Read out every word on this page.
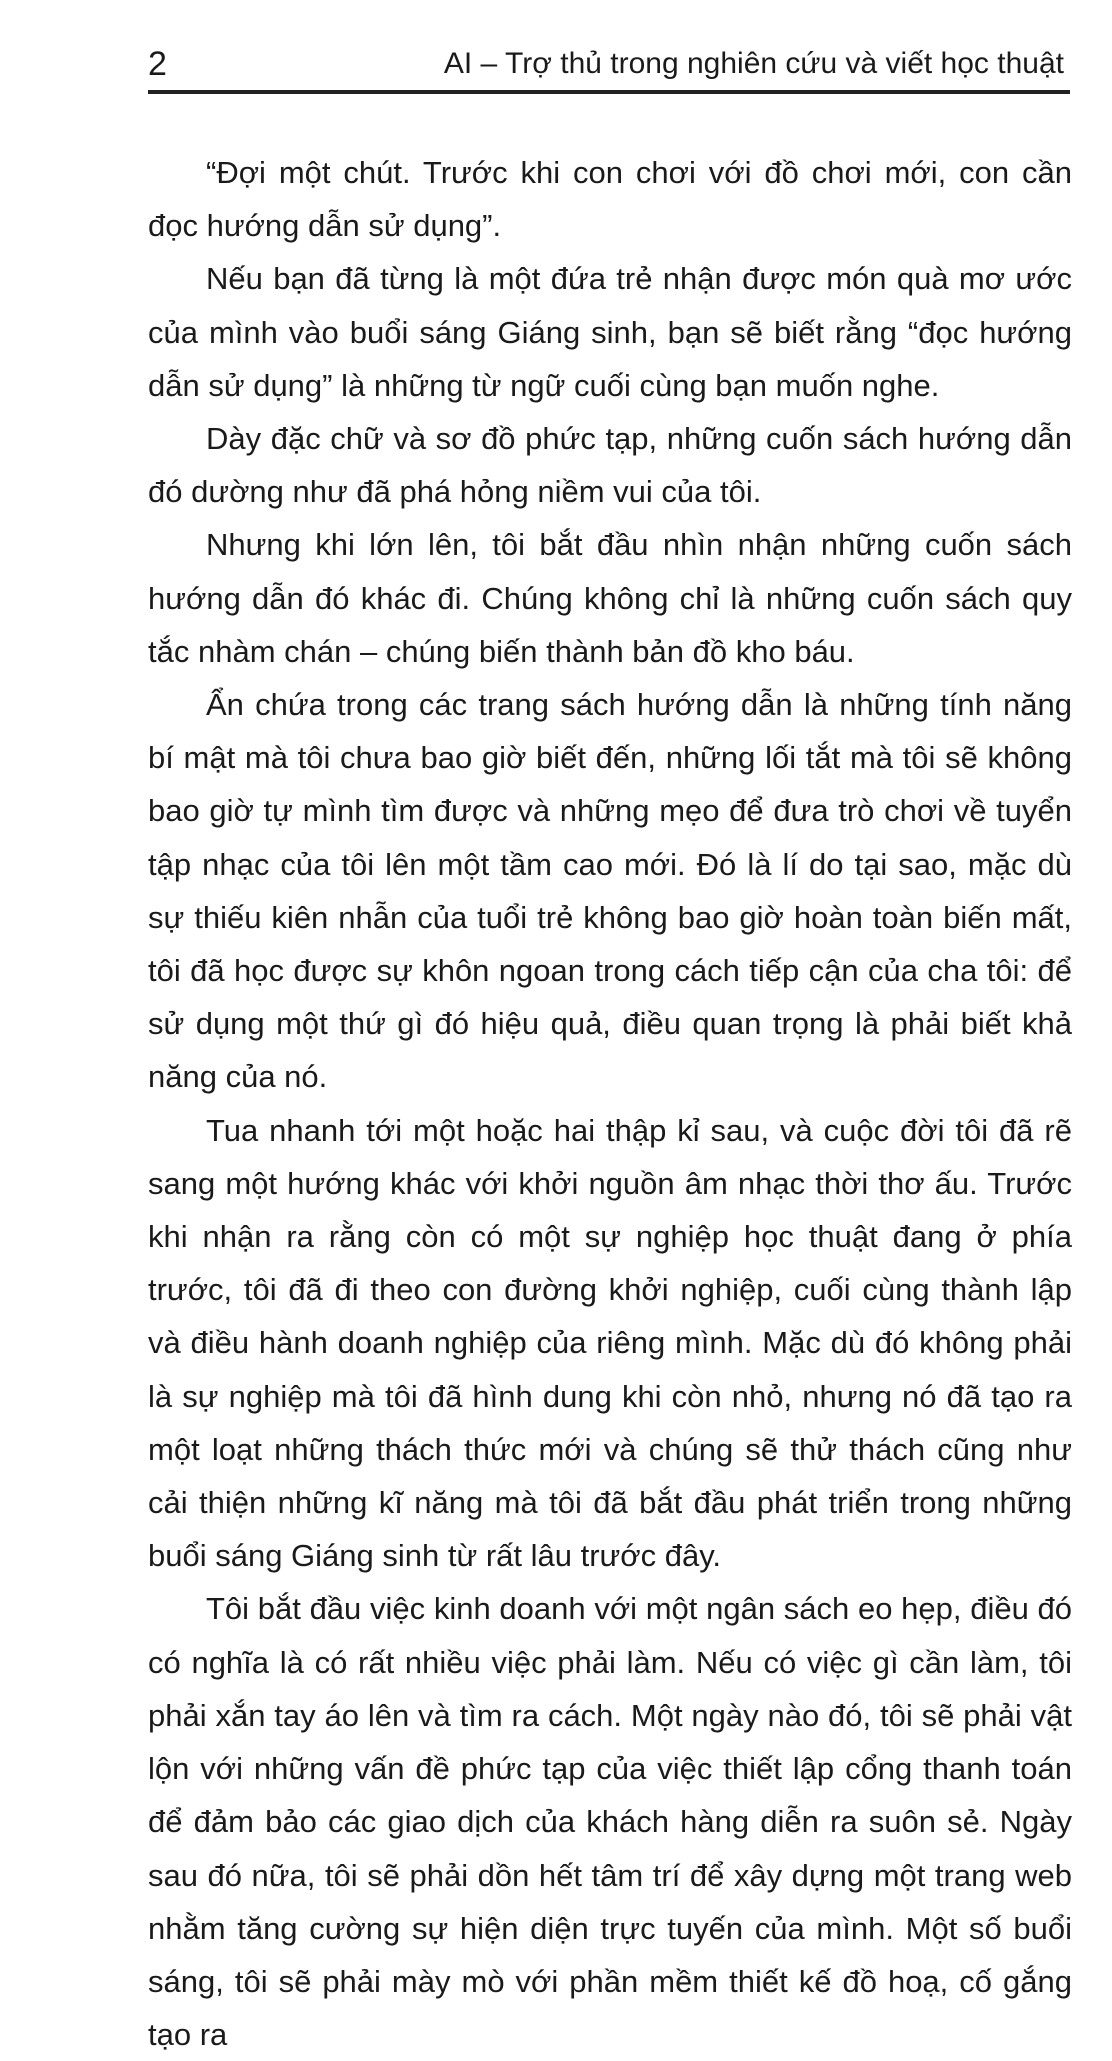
2	AI – Trợ thủ trong nghiên cứu và viết học thuật

“Đợi một chút. Trước khi con chơi với đồ chơi mới, con cần đọc hướng dẫn sử dụng”.

Nếu bạn đã từng là một đứa trẻ nhận được món quà mơ ước của mình vào buổi sáng Giáng sinh, bạn sẽ biết rằng “đọc hướng dẫn sử dụng” là những từ ngữ cuối cùng bạn muốn nghe.

Dày đặc chữ và sơ đồ phức tạp, những cuốn sách hướng dẫn đó dường như đã phá hỏng niềm vui của tôi.

Nhưng khi lớn lên, tôi bắt đầu nhìn nhận những cuốn sách hướng dẫn đó khác đi. Chúng không chỉ là những cuốn sách quy tắc nhàm chán – chúng biến thành bản đồ kho báu.

Ẩn chứa trong các trang sách hướng dẫn là những tính năng bí mật mà tôi chưa bao giờ biết đến, những lối tắt mà tôi sẽ không bao giờ tự mình tìm được và những mẹo để đưa trò chơi về tuyển tập nhạc của tôi lên một tầm cao mới. Đó là lí do tại sao, mặc dù sự thiếu kiên nhẫn của tuổi trẻ không bao giờ hoàn toàn biến mất, tôi đã học được sự khôn ngoan trong cách tiếp cận của cha tôi: để sử dụng một thứ gì đó hiệu quả, điều quan trọng là phải biết khả năng của nó.

Tua nhanh tới một hoặc hai thập kỉ sau, và cuộc đời tôi đã rẽ sang một hướng khác với khởi nguồn âm nhạc thời thơ ấu. Trước khi nhận ra rằng còn có một sự nghiệp học thuật đang ở phía trước, tôi đã đi theo con đường khởi nghiệp, cuối cùng thành lập và điều hành doanh nghiệp của riêng mình. Mặc dù đó không phải là sự nghiệp mà tôi đã hình dung khi còn nhỏ, nhưng nó đã tạo ra một loạt những thách thức mới và chúng sẽ thử thách cũng như cải thiện những kĩ năng mà tôi đã bắt đầu phát triển trong những buổi sáng Giáng sinh từ rất lâu trước đây.

Tôi bắt đầu việc kinh doanh với một ngân sách eo hẹp, điều đó có nghĩa là có rất nhiều việc phải làm. Nếu có việc gì cần làm, tôi phải xắn tay áo lên và tìm ra cách. Một ngày nào đó, tôi sẽ phải vật lộn với những vấn đề phức tạp của việc thiết lập cổng thanh toán để đảm bảo các giao dịch của khách hàng diễn ra suôn sẻ. Ngày sau đó nữa, tôi sẽ phải dồn hết tâm trí để xây dựng một trang web nhằm tăng cường sự hiện diện trực tuyến của mình. Một số buổi sáng, tôi sẽ phải mày mò với phần mềm thiết kế đồ hoạ, cố gắng tạo ra
